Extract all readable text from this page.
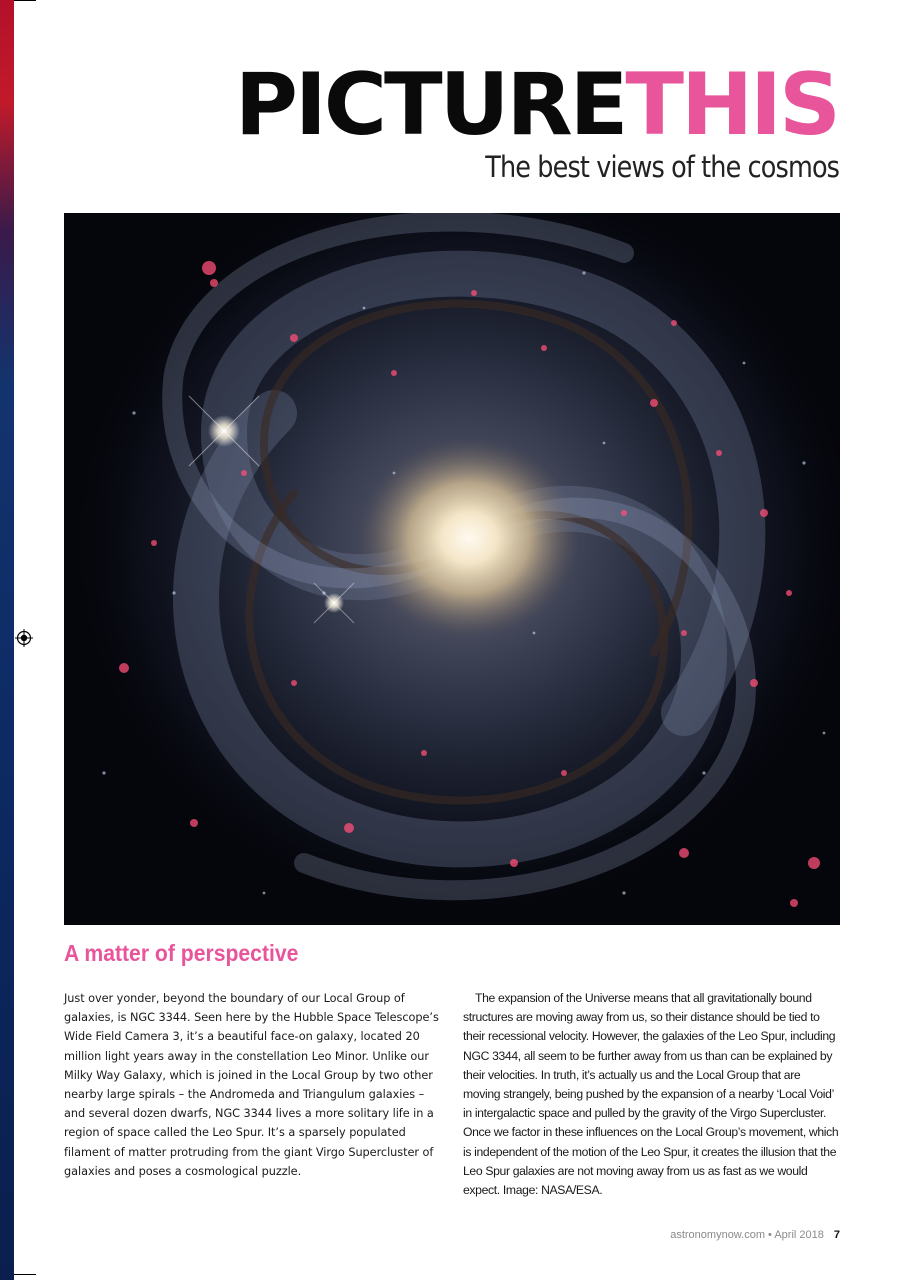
PICTURETHIS
The best views of the cosmos
A matter of perspective

Just over yonder, beyond the boundary of our Local Group of galaxies, is NGC 3344. Seen here by the Hubble Space Telescope’s Wide Field Camera 3, it’s a beautiful face-on galaxy, located 20 million light years away in the constellation Leo Minor. Unlike our Milky Way Galaxy, which is joined in the Local Group by two other nearby large spirals – the Andromeda and Triangulum galaxies – and several dozen dwarfs, NGC 3344 lives a more solitary life in a region of space called the Leo Spur. It’s a sparsely populated filament of matter protruding from the giant Virgo Supercluster of galaxies and poses a cosmological puzzle.

The expansion of the Universe means that all gravitationally bound structures are moving away from us, so their distance should be tied to their recessional velocity. However, the galaxies of the Leo Spur, including NGC 3344, all seem to be further away from us than can be explained by their velocities. In truth, it’s actually us and the Local Group that are moving strangely, being pushed by the expansion of a nearby ‘Local Void’ in intergalactic space and pulled by the gravity of the Virgo Supercluster. Once we factor in these influences on the Local Group’s movement, which is independent of the motion of the Leo Spur, it creates the illusion that the Leo Spur galaxies are not moving away from us as fast as we would expect. Image: NASA/ESA.

astronomynow.com • April 2018 7
